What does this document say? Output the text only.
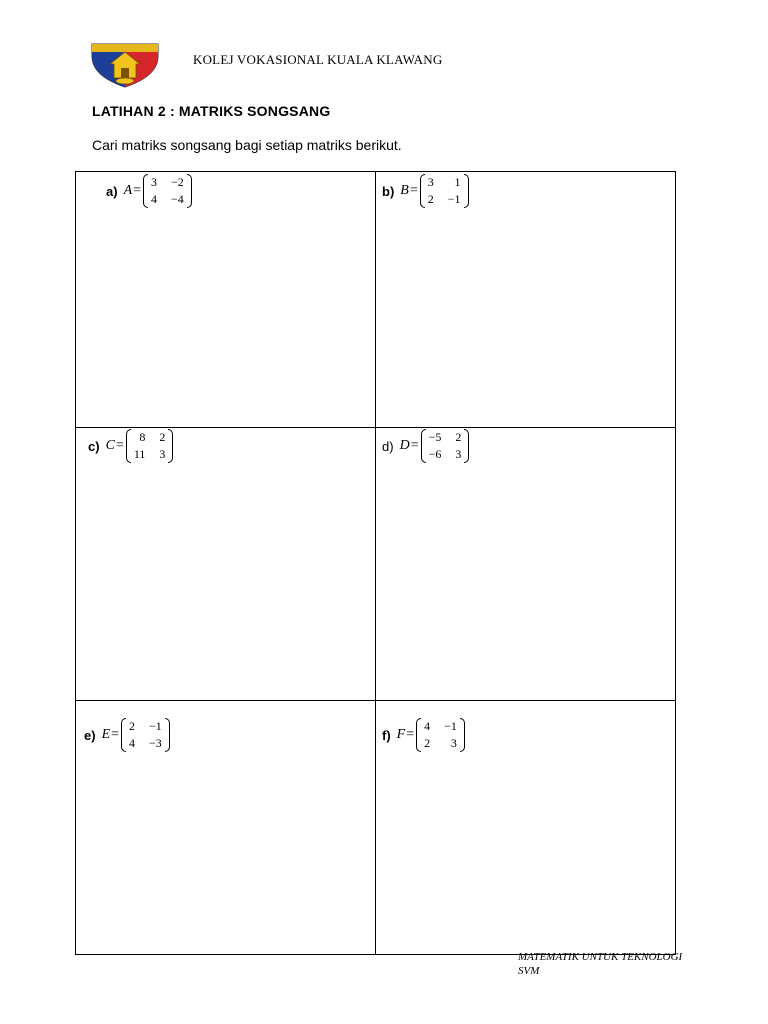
KOLEJ VOKASIONAL KUALA KLAWANG
LATIHAN 2 : MATRIKS SONGSANG
Cari matriks songsang bagi setiap matriks berikut.
a) A =
3 −2
4 −4	b) B =
3	1
2 −1
c) C =
8 2
11 3	d) D =
−5 2
−6 3
e) E =
2 −1
4 −3	f) F =
4 −1
2	3
MATEMATIK UNTUK TEKNOLOGI
SVM
